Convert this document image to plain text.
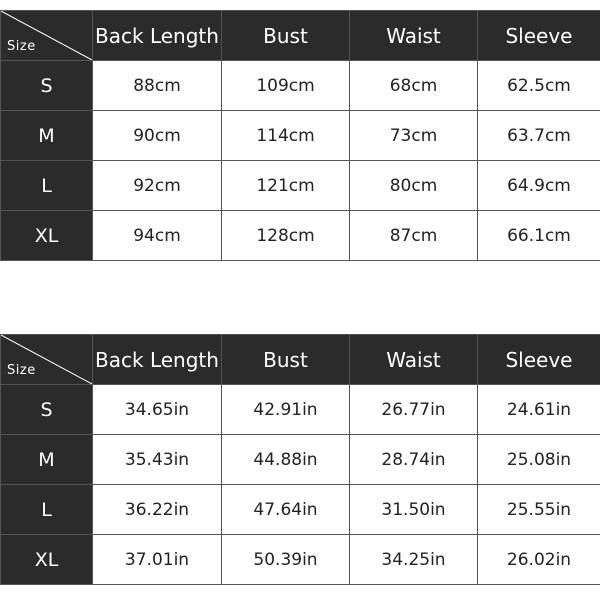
Size	Back Length	Bust	Waist	Sleeve
S	88cm	109cm	68cm	62.5cm
M	90cm	114cm	73cm	63.7cm
L	92cm	121cm	80cm	64.9cm
XL	94cm	128cm	87cm	66.1cm
Size	Back Length	Bust	Waist	Sleeve
S	34.65in	42.91in	26.77in	24.61in
M	35.43in	44.88in	28.74in	25.08in
L	36.22in	47.64in	31.50in	25.55in
XL	37.01in	50.39in	34.25in	26.02in
